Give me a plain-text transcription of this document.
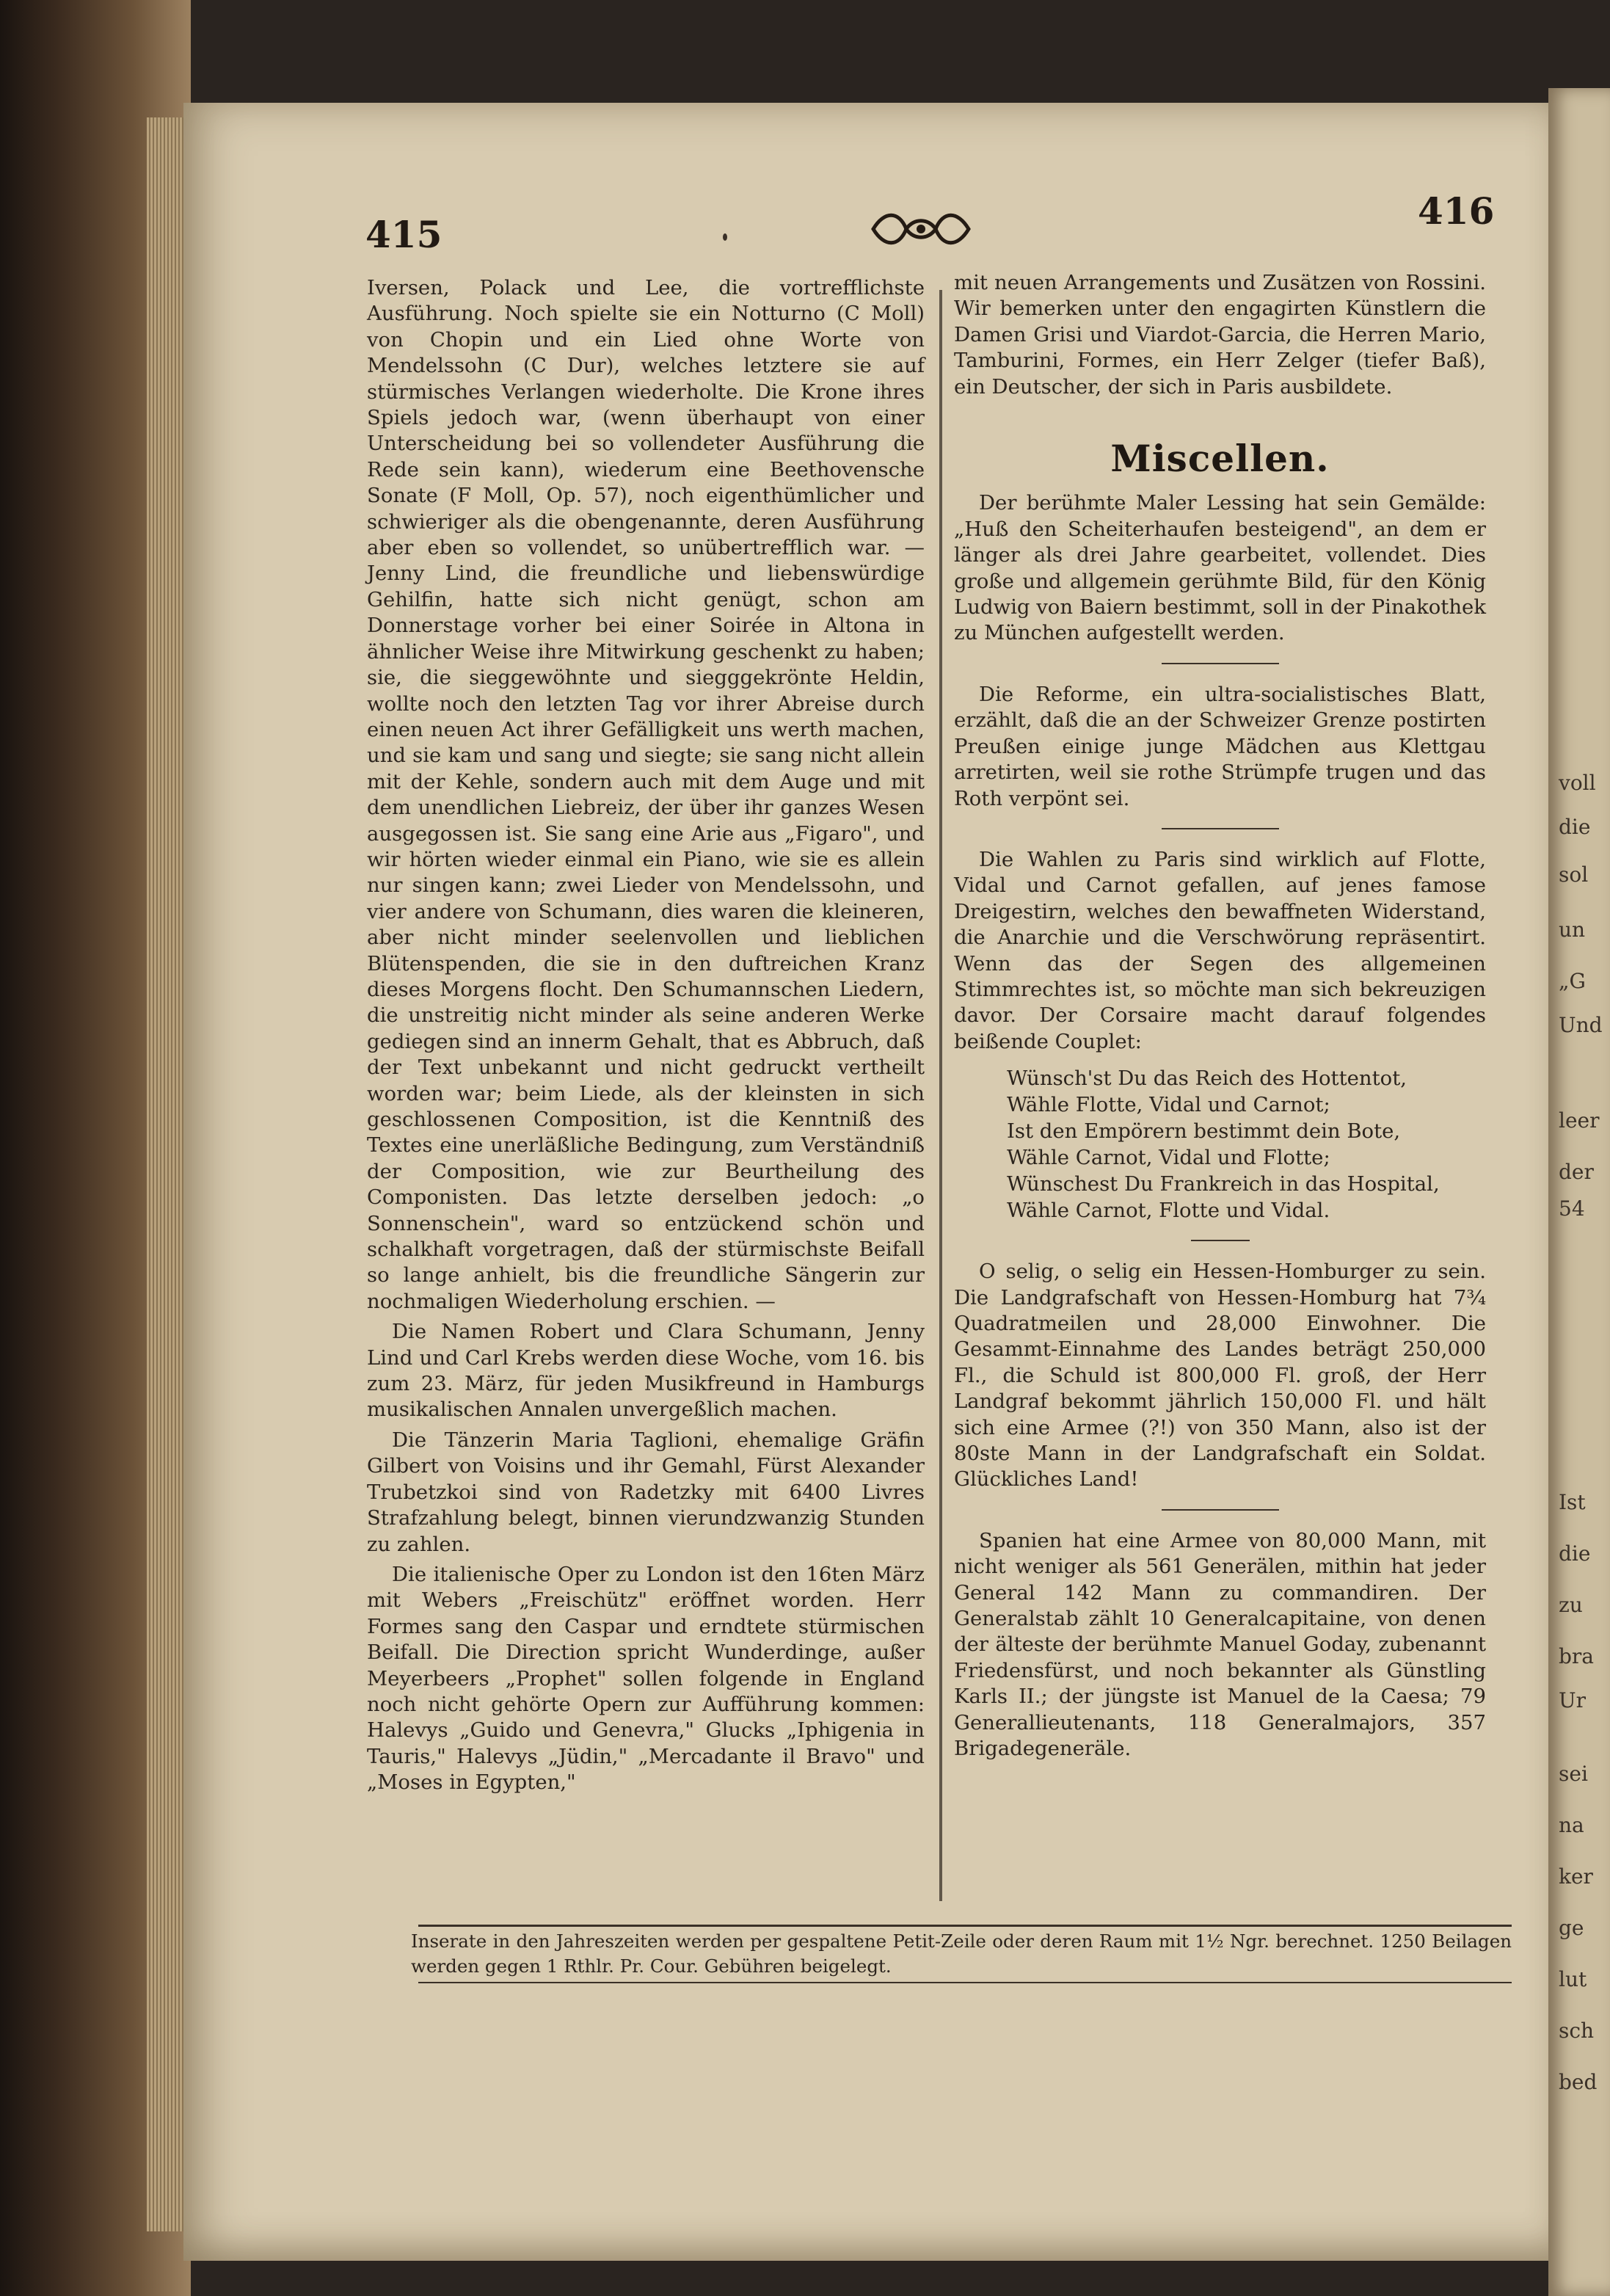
voll
die
sol
un
„G
Und
leer
der
54
Ist
die
zu
bra
Ur
sei
na
ker
ge
lut
sch
bed
415
416

Iversen, Polack und Lee, die vortrefflichste Ausführung. Noch spielte sie ein Notturno (C Moll) von Chopin und ein Lied ohne Worte von Mendelssohn (C Dur), welches letztere sie auf stürmisches Verlangen wiederholte. Die Krone ihres Spiels jedoch war, (wenn überhaupt von einer Unterscheidung bei so vollendeter Ausführung die Rede sein kann), wiederum eine Beethovensche Sonate (F Moll, Op. 57), noch eigenthümlicher und schwieriger als die obengenannte, deren Ausführung aber eben so vollendet, so unübertrefflich war. — Jenny Lind, die freundliche und liebenswürdige Gehilfin, hatte sich nicht genügt, schon am Donnerstage vorher bei einer Soirée in Altona in ähnlicher Weise ihre Mitwirkung geschenkt zu haben; sie, die sieggewöhnte und siegggekrönte Heldin, wollte noch den letzten Tag vor ihrer Abreise durch einen neuen Act ihrer Gefälligkeit uns werth machen, und sie kam und sang und siegte; sie sang nicht allein mit der Kehle, sondern auch mit dem Auge und mit dem unendlichen Liebreiz, der über ihr ganzes Wesen ausgegossen ist. Sie sang eine Arie aus „Figaro", und wir hörten wieder einmal ein Piano, wie sie es allein nur singen kann; zwei Lieder von Mendelssohn, und vier andere von Schumann, dies waren die kleineren, aber nicht minder seelenvollen und lieblichen Blütenspenden, die sie in den duftreichen Kranz dieses Morgens flocht. Den Schumannschen Liedern, die unstreitig nicht minder als seine anderen Werke gediegen sind an innerm Gehalt, that es Abbruch, daß der Text unbekannt und nicht gedruckt vertheilt worden war; beim Liede, als der kleinsten in sich geschlossenen Composition, ist die Kenntniß des Textes eine unerläßliche Bedingung, zum Verständniß der Composition, wie zur Beurtheilung des Componisten. Das letzte derselben jedoch: „o Sonnenschein", ward so entzückend schön und schalkhaft vorgetragen, daß der stürmischste Beifall so lange anhielt, bis die freundliche Sängerin zur nochmaligen Wiederholung erschien. —

Die Namen Robert und Clara Schumann, Jenny Lind und Carl Krebs werden diese Woche, vom 16. bis zum 23. März, für jeden Musikfreund in Hamburgs musikalischen Annalen unvergeßlich machen.

Die Tänzerin Maria Taglioni, ehemalige Gräfin Gilbert von Voisins und ihr Gemahl, Fürst Alexander Trubetzkoi sind von Radetzky mit 6400 Livres Strafzahlung belegt, binnen vierundzwanzig Stunden zu zahlen.

Die italienische Oper zu London ist den 16ten März mit Webers „Freischütz" eröffnet worden. Herr Formes sang den Caspar und erndtete stürmischen Beifall. Die Direction spricht Wunderdinge, außer Meyerbeers „Prophet" sollen folgende in England noch nicht gehörte Opern zur Aufführung kommen: Halevys „Guido und Genevra," Glucks „Iphigenia in Tauris," Halevys „Jüdin," „Mercadante il Bravo" und „Moses in Egypten,"

mit neuen Arrangements und Zusätzen von Rossini. Wir bemerken unter den engagirten Künstlern die Damen Grisi und Viardot-Garcia, die Herren Mario, Tamburini, Formes, ein Herr Zelger (tiefer Baß), ein Deutscher, der sich in Paris ausbildete.

Miscellen.

Der berühmte Maler Lessing hat sein Gemälde: „Huß den Scheiterhaufen besteigend", an dem er länger als drei Jahre gearbeitet, vollendet. Dies große und allgemein gerühmte Bild, für den König Ludwig von Baiern bestimmt, soll in der Pinakothek zu München aufgestellt werden.

Die Reforme, ein ultra-socialistisches Blatt, erzählt, daß die an der Schweizer Grenze postirten Preußen einige junge Mädchen aus Klettgau arretirten, weil sie rothe Strümpfe trugen und das Roth verpönt sei.

Die Wahlen zu Paris sind wirklich auf Flotte, Vidal und Carnot gefallen, auf jenes famose Dreigestirn, welches den bewaffneten Widerstand, die Anarchie und die Verschwörung repräsentirt. Wenn das der Segen des allgemeinen Stimmrechtes ist, so möchte man sich bekreuzigen davor. Der Corsaire macht darauf folgendes beißende Couplet:

Wünsch'st Du das Reich des Hottentot,
Wähle Flotte, Vidal und Carnot;
Ist den Empörern bestimmt dein Bote,
Wähle Carnot, Vidal und Flotte;
Wünschest Du Frankreich in das Hospital,
Wähle Carnot, Flotte und Vidal.

O selig, o selig ein Hessen-Homburger zu sein. Die Landgrafschaft von Hessen-Homburg hat 7¾ Quadratmeilen und 28,000 Einwohner. Die Gesammt-Einnahme des Landes beträgt 250,000 Fl., die Schuld ist 800,000 Fl. groß, der Herr Landgraf bekommt jährlich 150,000 Fl. und hält sich eine Armee (?!) von 350 Mann, also ist der 80ste Mann in der Landgrafschaft ein Soldat. Glückliches Land!

Spanien hat eine Armee von 80,000 Mann, mit nicht weniger als 561 Generälen, mithin hat jeder General 142 Mann zu commandiren. Der Generalstab zählt 10 Generalcapitaine, von denen der älteste der berühmte Manuel Goday, zubenannt Friedensfürst, und noch bekannter als Günstling Karls II.; der jüngste ist Manuel de la Caesa; 79 Generallieutenants, 118 Generalmajors, 357 Brigadegeneräle.

Inserate in den Jahreszeiten werden per gespaltene Petit-Zeile oder deren Raum mit 1½ Ngr. berechnet. 1250 Beilagen werden gegen 1 Rthlr. Pr. Cour. Gebühren beigelegt.
